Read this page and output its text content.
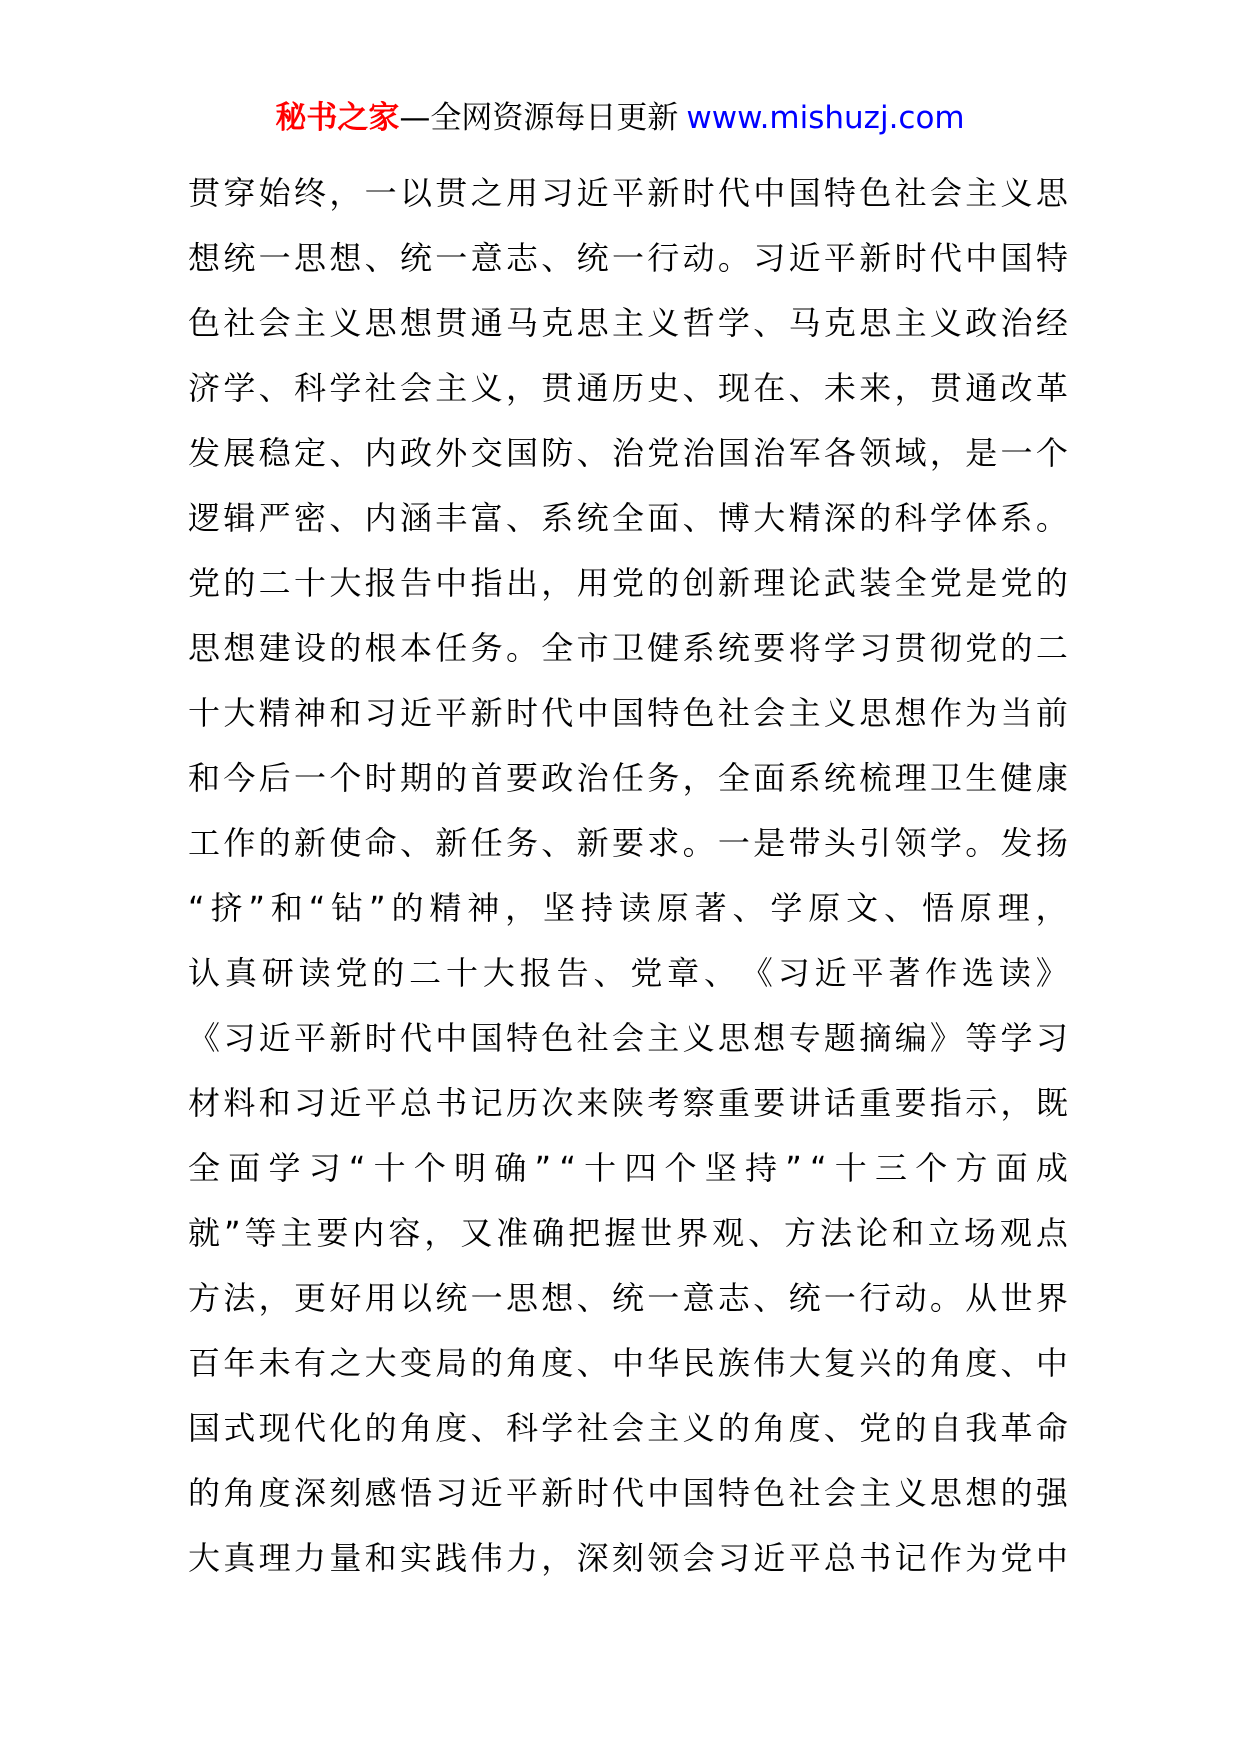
秘书之家—全网资源每日更新 www.mishuzj.com
贯 穿 始 终 ， 一 以 贯 之 用 习 近 平 新 时 代 中 国 特 色 社 会 主 义 思
想 统 一 思 想 、 统 一 意 志 、 统 一 行 动 。 习 近 平 新 时 代 中 国 特
色 社 会 主 义 思 想 贯 通 马 克 思 主 义 哲 学 、 马 克 思 主 义 政 治 经
济 学 、 科 学 社 会 主 义 ， 贯 通 历 史 、 现 在 、 未 来 ， 贯 通 改 革
发 展 稳 定 、 内 政 外 交 国 防 、 治 党 治 国 治 军 各 领 域 ， 是 一 个
逻 辑 严 密 、 内 涵 丰 富 、 系 统 全 面 、 博 大 精 深 的 科 学 体 系 。
党 的 二 十 大 报 告 中 指 出 ， 用 党 的 创 新 理 论 武 装 全 党 是 党 的
思 想 建 设 的 根 本 任 务 。 全 市 卫 健 系 统 要 将 学 习 贯 彻 党 的 二
十 大 精 神 和 习 近 平 新 时 代 中 国 特 色 社 会 主 义 思 想 作 为 当 前
和 今 后 一 个 时 期 的 首 要 政 治 任 务 ， 全 面 系 统 梳 理 卫 生 健 康
工 作 的 新 使 命 、 新 任 务 、 新 要 求 。 一 是 带 头 引 领 学 。 发 扬
“ 挤 ” 和 “ 钻 ” 的 精 神 ， 坚 持 读 原 著 、 学 原 文 、 悟 原 理 ，
认 真 研 读 党 的 二 十 大 报 告 、 党 章 、 《 习 近 平 著 作 选 读 》
《 习 近 平 新 时 代 中 国 特 色 社 会 主 义 思 想 专 题 摘 编 》 等 学 习
材 料 和 习 近 平 总 书 记 历 次 来 陕 考 察 重 要 讲 话 重 要 指 示 ， 既
全 面 学 习 “ 十 个 明 确 ” “ 十 四 个 坚 持 ” “ 十 三 个 方 面 成
就 ” 等 主 要 内 容 ， 又 准 确 把 握 世 界 观 、 方 法 论 和 立 场 观 点
方 法 ， 更 好 用 以 统 一 思 想 、 统 一 意 志 、 统 一 行 动 。 从 世 界
百 年 未 有 之 大 变 局 的 角 度 、 中 华 民 族 伟 大 复 兴 的 角 度 、 中
国 式 现 代 化 的 角 度 、 科 学 社 会 主 义 的 角 度 、 党 的 自 我 革 命
的 角 度 深 刻 感 悟 习 近 平 新 时 代 中 国 特 色 社 会 主 义 思 想 的 强
大 真 理 力 量 和 实 践 伟 力 ， 深 刻 领 会 习 近 平 总 书 记 作 为 党 中
